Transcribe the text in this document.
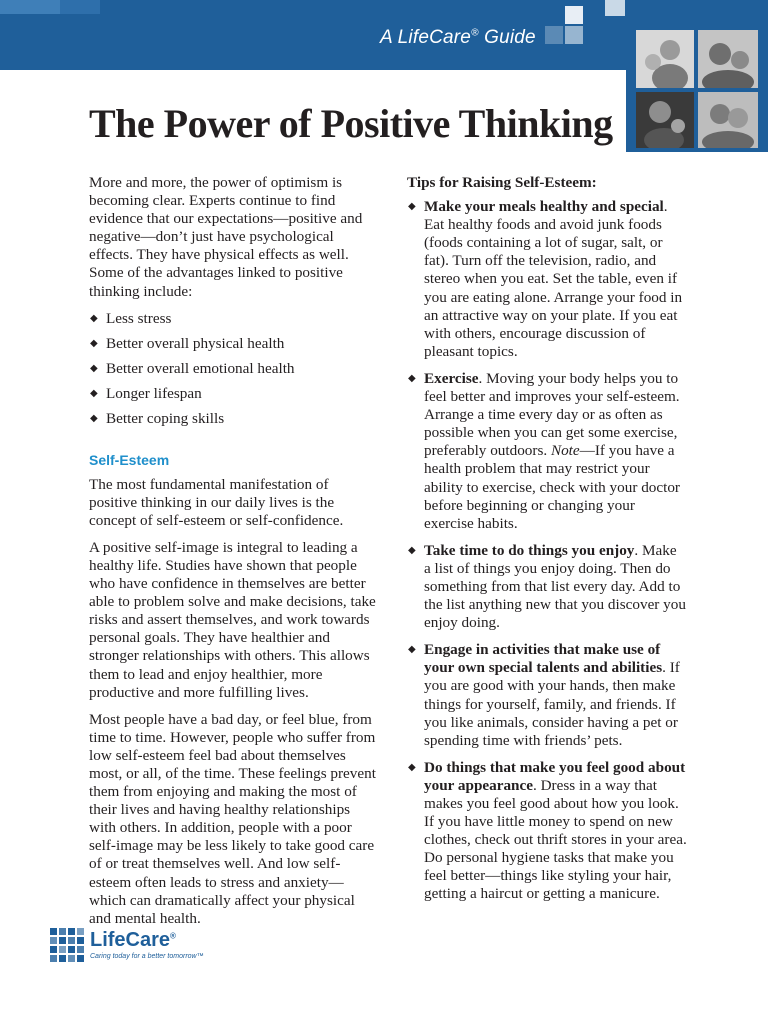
A LifeCare® Guide
The Power of Positive Thinking

More and more, the power of optimism is becoming clear. Experts continue to find evidence that our expectations—positive and negative—don’t just have psychological effects. They have physical effects as well. Some of the advantages linked to positive thinking include:

◆ Less stress
◆ Better overall physical health
◆ Better overall emotional health
◆ Longer lifespan
◆ Better coping skills
Self-Esteem

The most fundamental manifestation of positive thinking in our daily lives is the concept of self-esteem or self-confidence.

A positive self-image is integral to leading a healthy life. Studies have shown that people who have confidence in themselves are better able to problem solve and make decisions, take risks and assert themselves, and work towards personal goals. They have healthier and stronger relationships with others. This allows them to lead and enjoy healthier, more productive and more fulfilling lives.

Most people have a bad day, or feel blue, from time to time. However, people who suffer from low self-esteem feel bad about themselves most, or all, of the time. These feelings prevent them from enjoying and making the most of their lives and having healthy relationships with others. In addition, people with a poor self-image may be less likely to take good care of or treat themselves well. And low self-esteem often leads to stress and anxiety—which can dramatically affect your physical and mental health.

Tips for Raising Self-Esteem:
◆ Make your meals healthy and special. Eat healthy foods and avoid junk foods (foods containing a lot of sugar, salt, or fat). Turn off the television, radio, and stereo when you eat. Set the table, even if you are eating alone. Arrange your food in an attractive way on your plate. If you eat with others, encourage discussion of pleasant topics.
◆ Exercise. Moving your body helps you to feel better and improves your self-esteem. Arrange a time every day or as often as possible when you can get some exercise, preferably outdoors. Note—If you have a health problem that may restrict your ability to exercise, check with your doctor before beginning or changing your exercise habits.
◆ Take time to do things you enjoy. Make a list of things you enjoy doing. Then do something from that list every day. Add to the list anything new that you discover you enjoy doing.
◆ Engage in activities that make use of your own special talents and abilities. If you are good with your hands, then make things for yourself, family, and friends. If you like animals, consider having a pet or spending time with friends’ pets.
◆ Do things that make you feel good about your appearance. Dress in a way that makes you feel good about how you look. If you have little money to spend on new clothes, check out thrift stores in your area. Do personal hygiene tasks that make you feel better—things like styling your hair, getting a haircut or getting a manicure.
LifeCare®
Caring today for a better tomorrow™
